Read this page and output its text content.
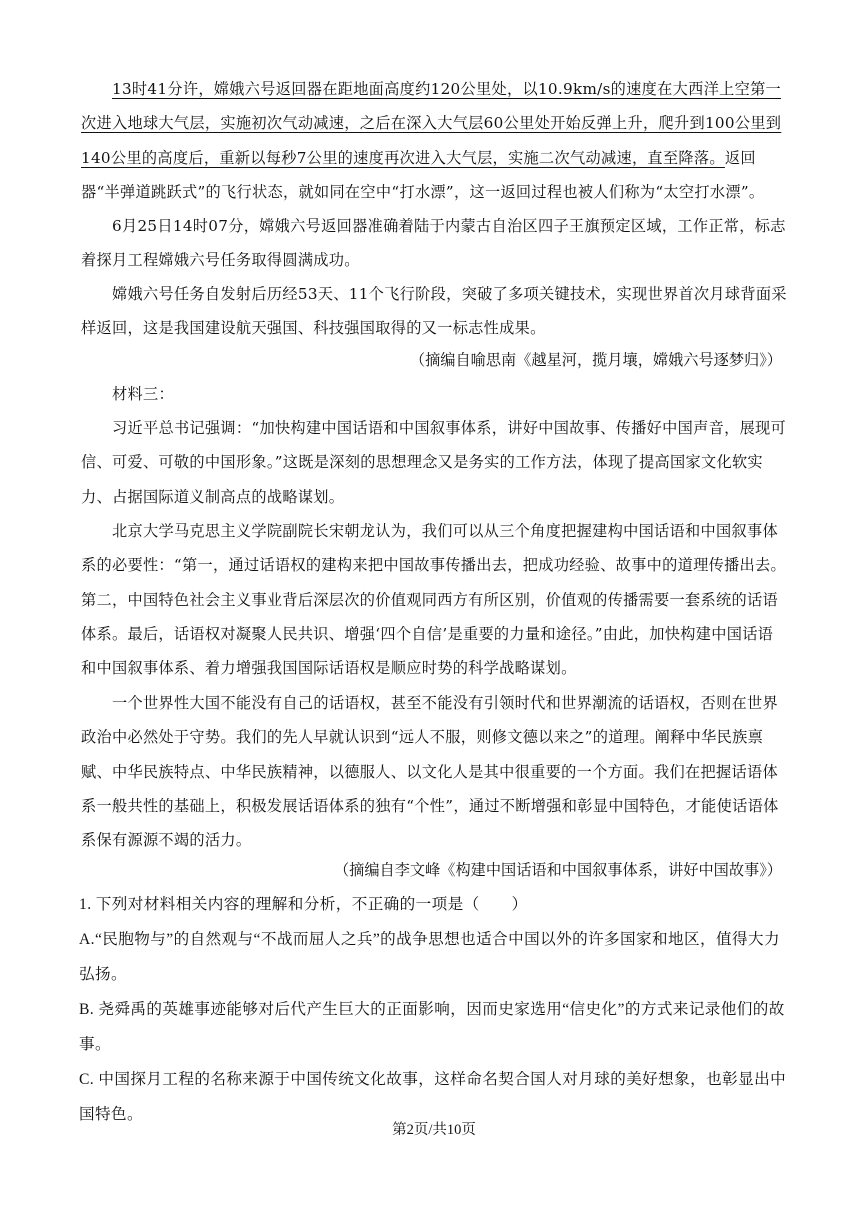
13时41分许，嫦娥六号返回器在距地面高度约120公里处，以10.9km/s的速度在大西洋上空第一次进入地球大气层，实施初次气动减速，之后在深入大气层60公里处开始反弹上升，爬升到100公里到140公里的高度后，重新以每秒7公里的速度再次进入大气层，实施二次气动减速，直至降落。返回器“半弹道跳跃式”的飞行状态，就如同在空中“打水漂”，这一返回过程也被人们称为“太空打水漂”。

6月25日14时07分，嫦娥六号返回器准确着陆于内蒙古自治区四子王旗预定区域，工作正常，标志着探月工程嫦娥六号任务取得圆满成功。

嫦娥六号任务自发射后历经53天、11个飞行阶段，突破了多项关键技术，实现世界首次月球背面采样返回，这是我国建设航天强国、科技强国取得的又一标志性成果。

（摘编自喻思南《越星河，揽月壤，嫦娥六号逐梦归》）

材料三：

习近平总书记强调：“加快构建中国话语和中国叙事体系，讲好中国故事、传播好中国声音，展现可信、可爱、可敬的中国形象。”这既是深刻的思想理念又是务实的工作方法，体现了提高国家文化软实力、占据国际道义制高点的战略谋划。

北京大学马克思主义学院副院长宋朝龙认为，我们可以从三个角度把握建构中国话语和中国叙事体系的必要性：“第一，通过话语权的建构来把中国故事传播出去，把成功经验、故事中的道理传播出去。第二，中国特色社会主义事业背后深层次的价值观同西方有所区别，价值观的传播需要一套系统的话语体系。最后，话语权对凝聚人民共识、增强‘四个自信’是重要的力量和途径。”由此，加快构建中国话语和中国叙事体系、着力增强我国国际话语权是顺应时势的科学战略谋划。

一个世界性大国不能没有自己的话语权，甚至不能没有引领时代和世界潮流的话语权，否则在世界政治中必然处于守势。我们的先人早就认识到“远人不服，则修文德以来之”的道理。阐释中华民族禀赋、中华民族特点、中华民族精神，以德服人、以文化人是其中很重要的一个方面。我们在把握话语体系一般共性的基础上，积极发展话语体系的独有“个性”，通过不断增强和彰显中国特色，才能使话语体系保有源源不竭的活力。

（摘编自李文峰《构建中国话语和中国叙事体系，讲好中国故事》）

1. 下列对材料相关内容的理解和分析，不正确的一项是（　　）

A.“民胞物与”的自然观与“不战而屈人之兵”的战争思想也适合中国以外的许多国家和地区，值得大力弘扬。

B. 尧舜禹的英雄事迹能够对后代产生巨大的正面影响，因而史家选用“信史化”的方式来记录他们的故事。

C. 中国探月工程的名称来源于中国传统文化故事，这样命名契合国人对月球的美好想象，也彰显出中国特色。

第2页/共10页
